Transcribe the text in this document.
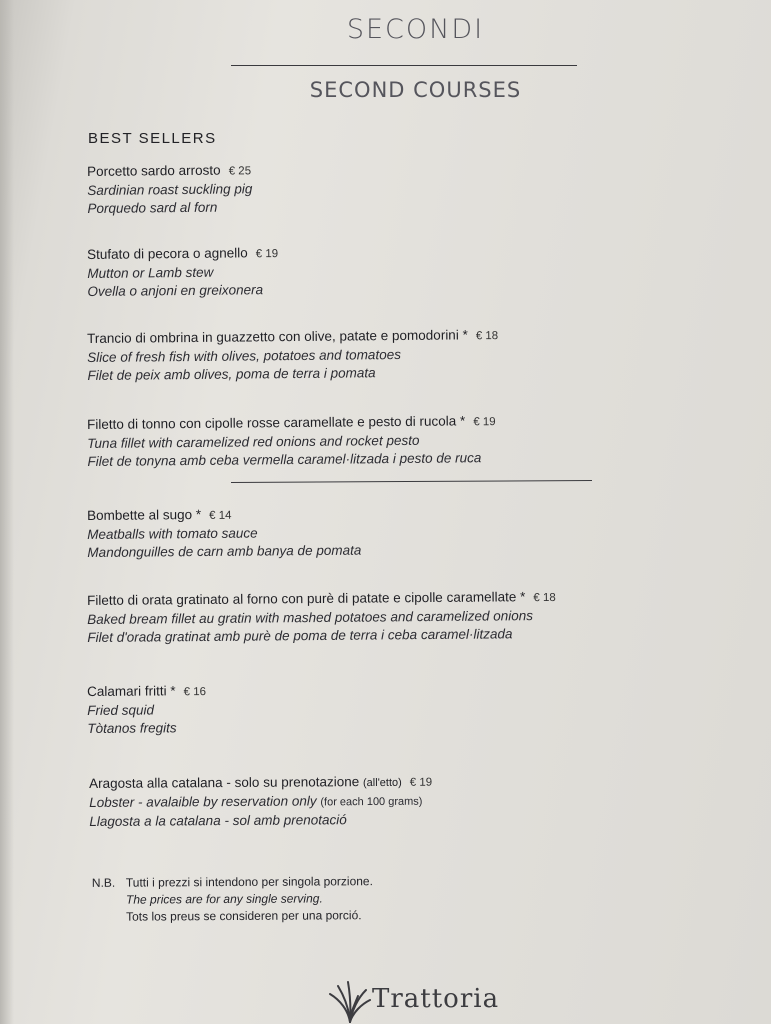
SECONDI
SECOND COURSES
BEST SELLERS
Porcetto sardo arrosto € 25
Sardinian roast suckling pig
Porquedo sard al forn
Stufato di pecora o agnello € 19
Mutton or Lamb stew
Ovella o anjoni en greixonera
Trancio di ombrina in guazzetto con olive, patate e pomodorini * € 18
Slice of fresh fish with olives, potatoes and tomatoes
Filet de peix amb olives, poma de terra i pomata
Filetto di tonno con cipolle rosse caramellate e pesto di rucola * € 19
Tuna fillet with caramelized red onions and rocket pesto
Filet de tonyna amb ceba vermella caramel·litzada i pesto de ruca
Bombette al sugo * € 14
Meatballs with tomato sauce
Mandonguilles de carn amb banya de pomata
Filetto di orata gratinato al forno con purè di patate e cipolle caramellate * € 18
Baked bream fillet au gratin with mashed potatoes and caramelized onions
Filet d'orada gratinat amb purè de poma de terra i ceba caramel·litzada
Calamari fritti * € 16
Fried squid
Tòtanos fregits
Aragosta alla catalana - solo su prenotazione (all'etto) € 19
Lobster - avalaible by reservation only (for each 100 grams)
Llagosta a la catalana - sol amb prenotació
N.B. Tutti i prezzi si intendono per singola porzione.
The prices are for any single serving.
Tots los preus se consideren per una porció.
Trattoria
